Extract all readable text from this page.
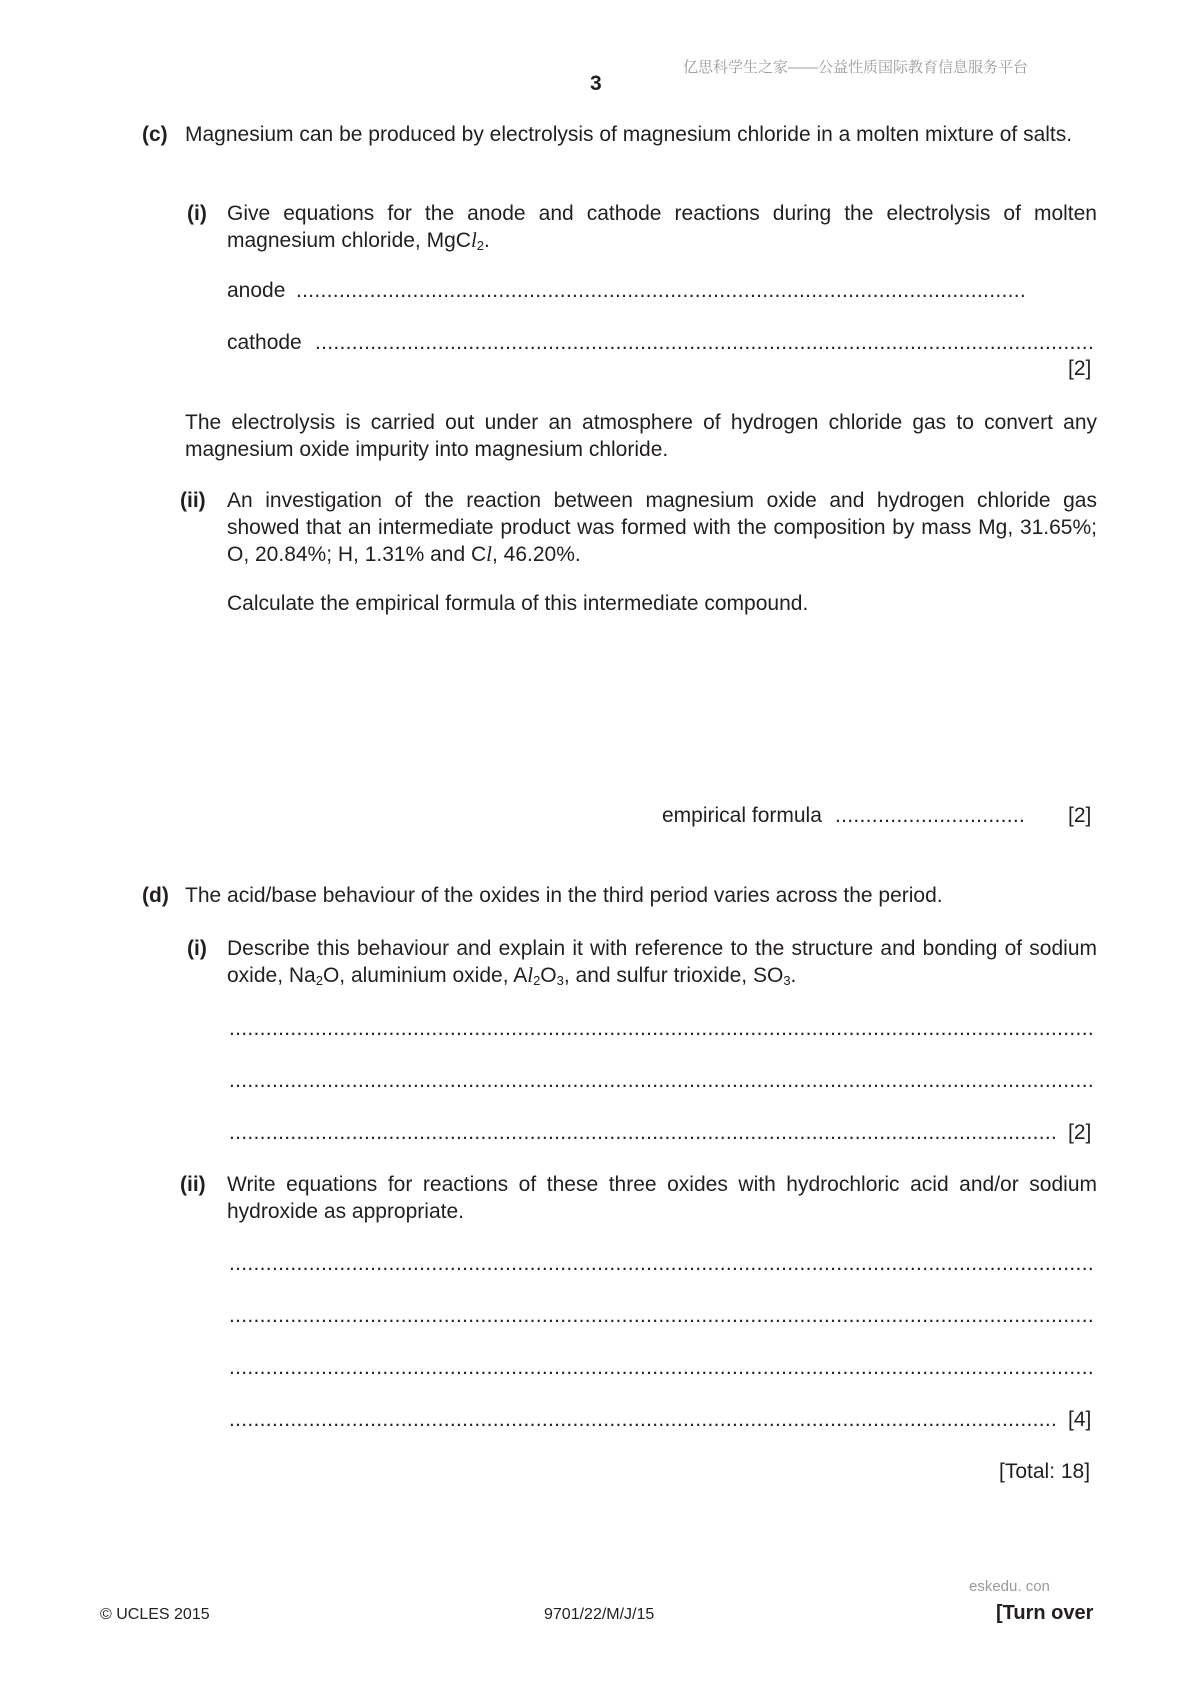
亿思科学生之家——公益性质国际教育信息服务平台
3
(c) Magnesium can be produced by electrolysis of magnesium chloride in a molten mixture of salts.
(i) Give equations for the anode and cathode reactions during the electrolysis of molten magnesium chloride, MgCl$_2$.
anode
.....
cathode
.....
[2]
The electrolysis is carried out under an atmosphere of hydrogen chloride gas to convert any magnesium oxide impurity into magnesium chloride.
(ii) An investigation of the reaction between magnesium oxide and hydrogen chloride gas showed that an intermediate product was formed with the composition by mass Mg, 31.65%; O, 20.84%; H, 1.31% and Cl, 46.20%.
Calculate the empirical formula of this intermediate compound.
empirical formula
.....	[2]
(d) The acid/base behaviour of the oxides in the third period varies across the period.
(i) Describe this behaviour and explain it with reference to the structure and bonding of sodium oxide, $Na_2O$, aluminium oxide, $Al_2O_3$, and sulfur trioxide, $SO_3$.
.....
.....
.....
[2]
(ii) Write equations for reactions of these three oxides with hydrochloric acid and/or sodium hydroxide as appropriate.
.....
.....
.....
.....
[4]
[Total: 18]
eskedu. con
© UCLES 2015	9701/22/M/J/15	[Turn over
